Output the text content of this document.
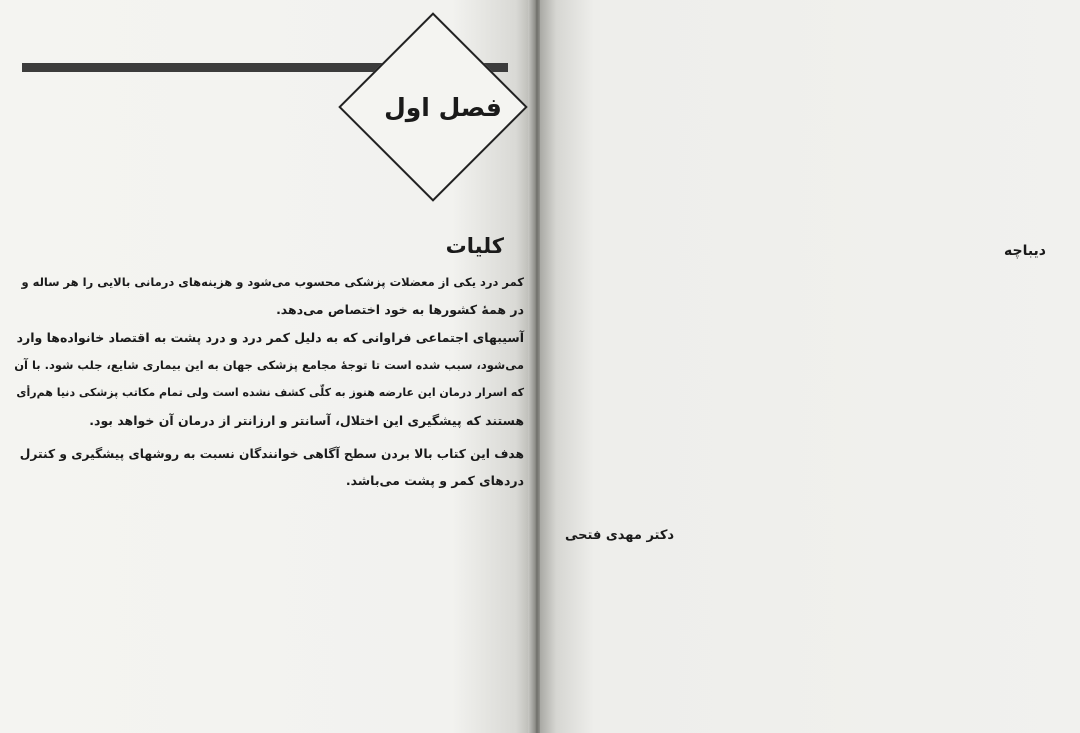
فصل اول
کلیات	دیباچه
کمر درد یکی از معضلات پزشکی محسوب می‌شود و هزینه‌های درمانی بالایی را هر ساله و
در همهٔ کشورها به خود اختصاص می‌دهد.
آسیبهای اجتماعی فراوانی که به دلیل کمر درد و درد پشت به اقتصاد خانواده‌ها وارد
می‌شود، سبب شده است تا توجهٔ مجامع پزشکی جهان به این بیماری شایع، جلب شود. با آن
که اسرار درمان این عارضه هنوز به کلّی کشف نشده است ولی تمام مکاتب پزشکی دنیا هم‌رأی
هستند که پیشگیری این اختلال، آسانتر و ارزانتر از درمان آن خواهد بود.
هدف این کتاب بالا بردن سطح آگاهی خوانندگان نسبت به روشهای پیشگیری و کنترل
دردهای کمر و پشت می‌باشد.
دکتر مهدی فتحی
